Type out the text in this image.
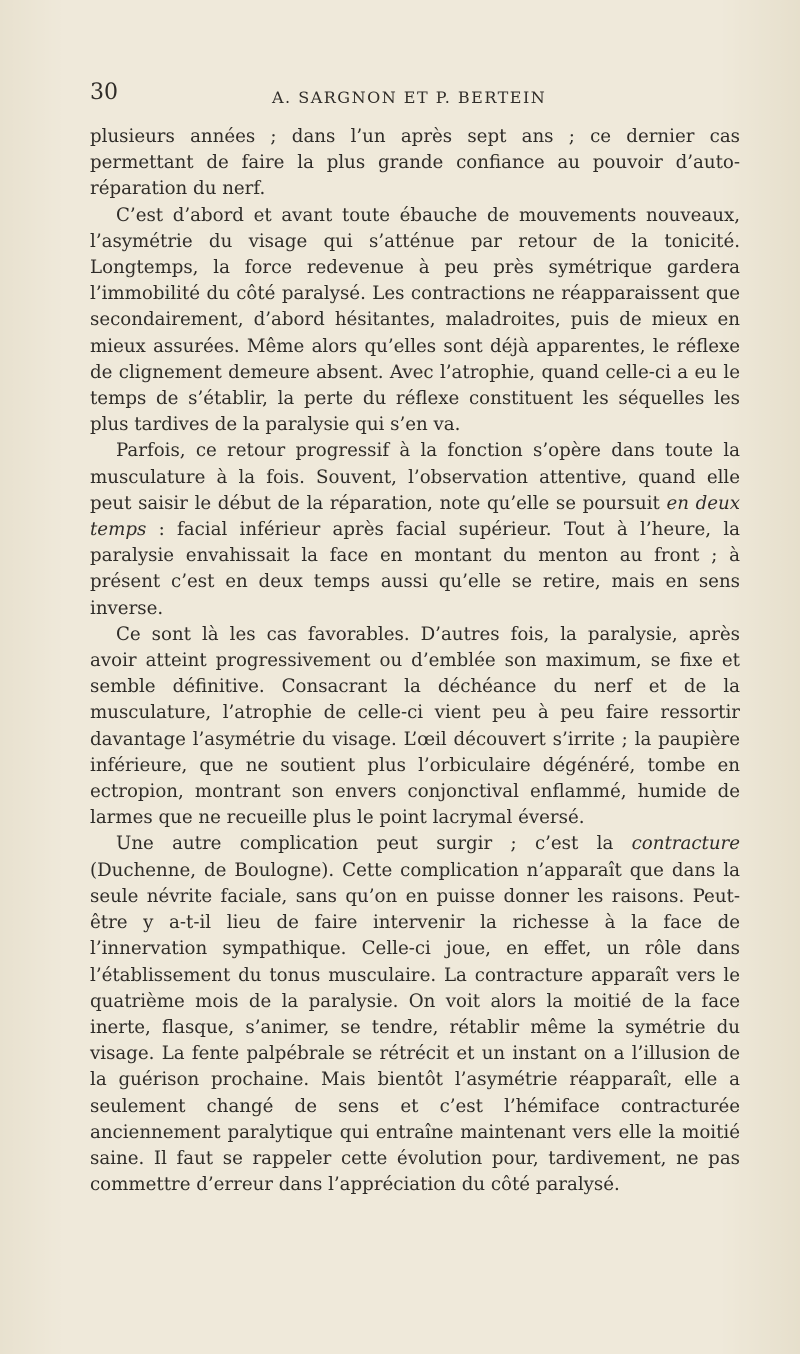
30	A. SARGNON ET P. BERTEIN

plusieurs années ; dans l’un après sept ans ; ce dernier cas permettant de faire la plus grande confiance au pouvoir d’auto-réparation du nerf.

C’est d’abord et avant toute ébauche de mouvements nouveaux, l’asymétrie du visage qui s’atténue par retour de la tonicité. Longtemps, la force redevenue à peu près symétrique gardera l’immobilité du côté paralysé. Les contractions ne réapparaissent que secondairement, d’abord hésitantes, maladroites, puis de mieux en mieux assurées. Même alors qu’elles sont déjà apparentes, le réflexe de clignement demeure absent. Avec l’atrophie, quand celle-ci a eu le temps de s’établir, la perte du réflexe constituent les séquelles les plus tardives de la paralysie qui s’en va.

Parfois, ce retour progressif à la fonction s’opère dans toute la musculature à la fois. Souvent, l’observation attentive, quand elle peut saisir le début de la réparation, note qu’elle se poursuit en deux temps : facial inférieur après facial supérieur. Tout à l’heure, la paralysie envahissait la face en montant du menton au front ; à présent c’est en deux temps aussi qu’elle se retire, mais en sens inverse.

Ce sont là les cas favorables. D’autres fois, la paralysie, après avoir atteint progressivement ou d’emblée son maximum, se fixe et semble définitive. Consacrant la déchéance du nerf et de la musculature, l’atrophie de celle-ci vient peu à peu faire ressortir davantage l’asymétrie du visage. L’œil découvert s’irrite ; la paupière inférieure, que ne soutient plus l’orbiculaire dégénéré, tombe en ectropion, montrant son envers conjonctival enflammé, humide de larmes que ne recueille plus le point lacrymal éversé.

Une autre complication peut surgir ; c’est la contracture (Duchenne, de Boulogne). Cette complication n’apparaît que dans la seule névrite faciale, sans qu’on en puisse donner les raisons. Peut-être y a-t-il lieu de faire intervenir la richesse à la face de l’innervation sympathique. Celle-ci joue, en effet, un rôle dans l’établissement du tonus musculaire. La contracture apparaît vers le quatrième mois de la paralysie. On voit alors la moitié de la face inerte, flasque, s’animer, se tendre, rétablir même la symétrie du visage. La fente palpébrale se rétrécit et un instant on a l’illusion de la guérison prochaine. Mais bientôt l’asymétrie réapparaît, elle a seulement changé de sens et c’est l’hémiface contracturée anciennement paralytique qui entraîne maintenant vers elle la moitié saine. Il faut se rappeler cette évolution pour, tardivement, ne pas commettre d’erreur dans l’appréciation du côté paralysé.
